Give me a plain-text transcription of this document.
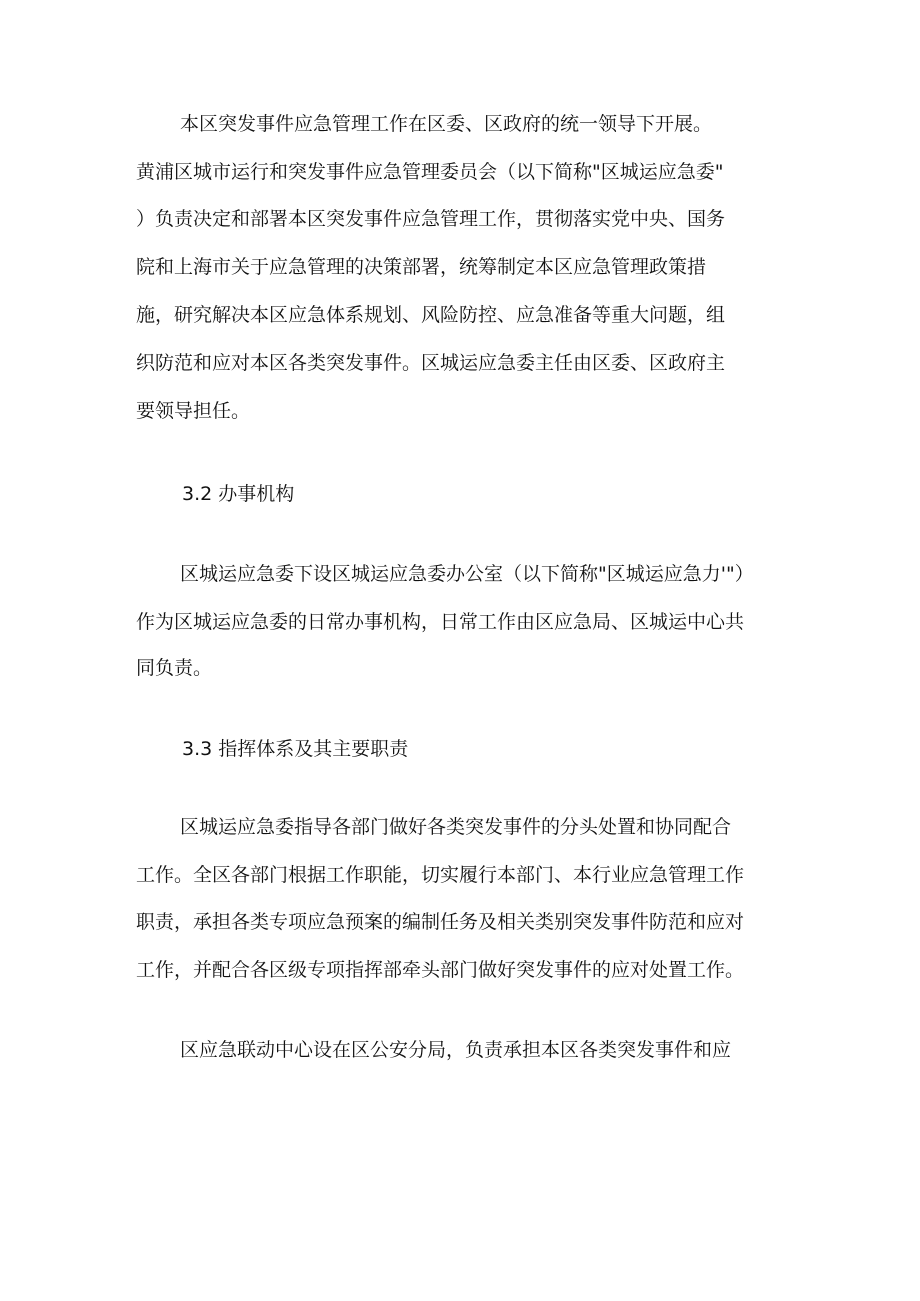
本区突发事件应急管理工作在区委、区政府的统一领导下开展。
黄浦区城市运行和突发事件应急管理委员会（以下简称"区城运应急委"
）负责决定和部署本区突发事件应急管理工作，贯彻落实党中央、国务
院和上海市关于应急管理的决策部署，统筹制定本区应急管理政策措
施，研究解决本区应急体系规划、风险防控、应急准备等重大问题，组
织防范和应对本区各类突发事件。区城运应急委主任由区委、区政府主
要领导担任。
3.2 办事机构
区城运应急委下设区城运应急委办公室（以下简称"区城运应急力'"）
作为区城运应急委的日常办事机构，日常工作由区应急局、区城运中心共
同负责。
3.3 指挥体系及其主要职责
区城运应急委指导各部门做好各类突发事件的分头处置和协同配合
工作。全区各部门根据工作职能，切实履行本部门、本行业应急管理工作
职责，承担各类专项应急预案的编制任务及相关类别突发事件防范和应对
工作，并配合各区级专项指挥部牵头部门做好突发事件的应对处置工作。
区应急联动中心设在区公安分局，负责承担本区各类突发事件和应
